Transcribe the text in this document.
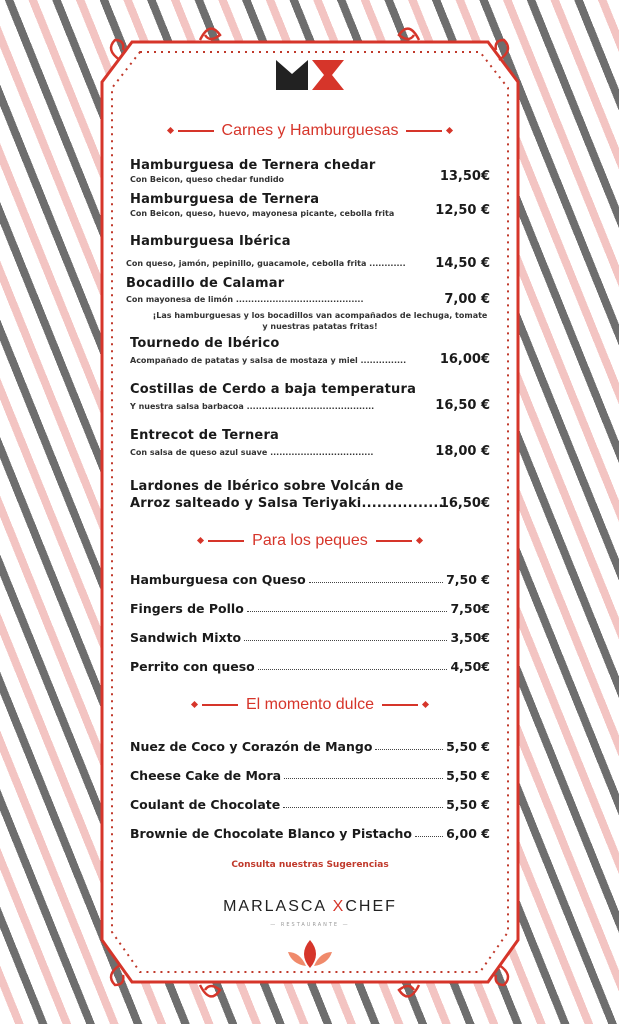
Carnes y Hamburguesas
Hamburguesa de Ternera chedar
Con Beicon, queso chedar fundido	13,50€
Hamburguesa de Ternera
Con Beicon, queso, huevo, mayonesa picante, cebolla frita	12,50 €
Hamburguesa Ibérica
Con queso, jamón, pepinillo, guacamole, cebolla frita ............	14,50 €
Bocadillo de Calamar
Con mayonesa de limón ..........................................	7,00 €
¡Las hamburguesas y los bocadillos van acompañados de lechuga, tomate y nuestras patatas fritas!
Tournedo de Ibérico
Acompañado de patatas y salsa de mostaza y miel ...............	16,00€
Costillas de Cerdo a baja temperatura
Y nuestra salsa barbacoa ..........................................	16,50 €
Entrecot de Ternera
Con salsa de queso azul suave ..................................	18,00 €
Lardones de Ibérico sobre Volcán de
Arroz salteado y Salsa Teriyaki................
16,50€
Para los peques
Hamburguesa con Queso	7,50 €
Fingers de Pollo	7,50€
Sandwich Mixto	3,50€
Perrito con queso	4,50€
El momento dulce
Nuez de Coco y Corazón de Mango	5,50 €
Cheese Cake de Mora	5,50 €
Coulant de Chocolate	5,50 €
Brownie de Chocolate Blanco y Pistacho	6,00 €
Consulta nuestras Sugerencias
MARLASCA XCHEF
— RESTAURANTE —
